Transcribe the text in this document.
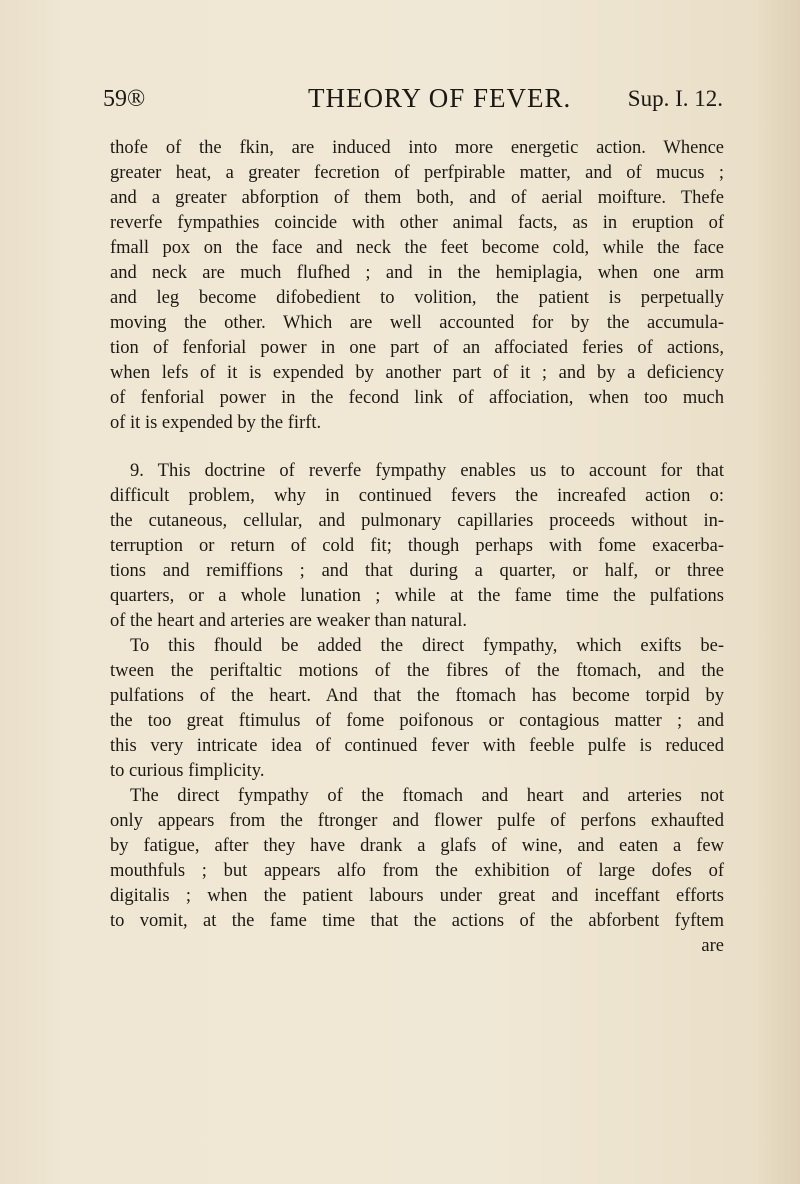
59®	THEORY OF FEVER. Sup. I. 12.
thofe of the fkin, are induced into more energetic action. Whence
greater heat, a greater fecretion of perfpirable matter, and of mucus ;
and a greater abforption of them both, and of aerial moifture. Thefe
reverfe fympathies coincide with other animal facts, as in eruption of
fmall pox on the face and neck the feet become cold, while the face
and neck are much flufhed ; and in the hemiplagia, when one arm
and leg become difobedient to volition, the patient is perpetually
moving the other. Which are well accounted for by the accumula-
tion of fenforial power in one part of an affociated feries of actions,
when lefs of it is expended by another part of it ; and by a deficiency
of fenforial power in the fecond link of affociation, when too much
of it is expended by the firft.
9. This doctrine of reverfe fympathy enables us to account for that
difficult problem, why in continued fevers the increafed action o:
the cutaneous, cellular, and pulmonary capillaries proceeds without in-
terruption or return of cold fit; though perhaps with fome exacerba-
tions and remiffions ; and that during a quarter, or half, or three
quarters, or a whole lunation ; while at the fame time the pulfations
of the heart and arteries are weaker than natural.
To this fhould be added the direct fympathy, which exifts be-
tween the periftaltic motions of the fibres of the ftomach, and the
pulfations of the heart. And that the ftomach has become torpid by
the too great ftimulus of fome poifonous or contagious matter ; and
this very intricate idea of continued fever with feeble pulfe is reduced
to curious fimplicity.
The direct fympathy of the ftomach and heart and arteries not
only appears from the ftronger and flower pulfe of perfons exhaufted
by fatigue, after they have drank a glafs of wine, and eaten a few
mouthfuls ; but appears alfo from the exhibition of large dofes of
digitalis ; when the patient labours under great and inceffant efforts
to vomit, at the fame time that the actions of the abforbent fyftem
are
